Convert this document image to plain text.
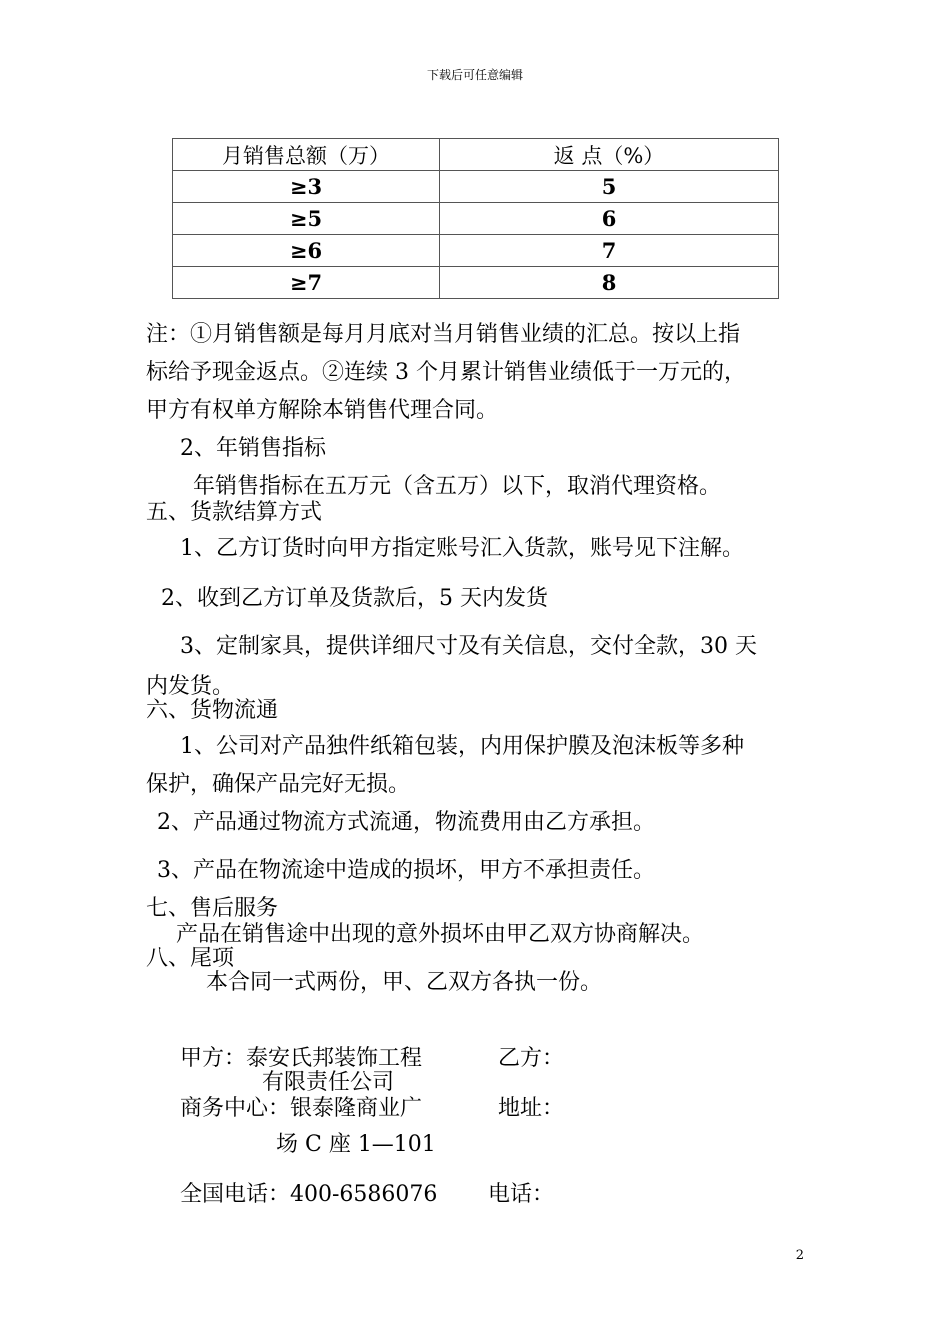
下载后可任意编辑
月销售总额（万）	返 点（%）
≥3	5
≥5	6
≥6	7
≥7	8
注：①月销售额是每月月底对当月销售业绩的汇总。按以上指
标给予现金返点。②连续 3 个月累计销售业绩低于一万元的，
甲方有权单方解除本销售代理合同。
2、年销售指标
年销售指标在五万元（含五万）以下，取消代理资格。
五、货款结算方式
1、乙方订货时向甲方指定账号汇入货款，账号见下注解。
2、收到乙方订单及货款后，5 天内发货
3、定制家具，提供详细尺寸及有关信息，交付全款，30 天
内发货。
六、货物流通
1、公司对产品独件纸箱包装，内用保护膜及泡沫板等多种
保护，确保产品完好无损。
2、产品通过物流方式流通，物流费用由乙方承担。
3、产品在物流途中造成的损坏，甲方不承担责任。
七、售后服务
产品在销售途中出现的意外损坏由甲乙双方协商解决。
八、尾项
本合同一式两份，甲、乙双方各执一份。
甲方：泰安氏邦装饰工程	乙方：
有限责任公司
商务中心：银泰隆商业广	地址：
场 C 座 1—101
全国电话：400-6586076 电话：
2
